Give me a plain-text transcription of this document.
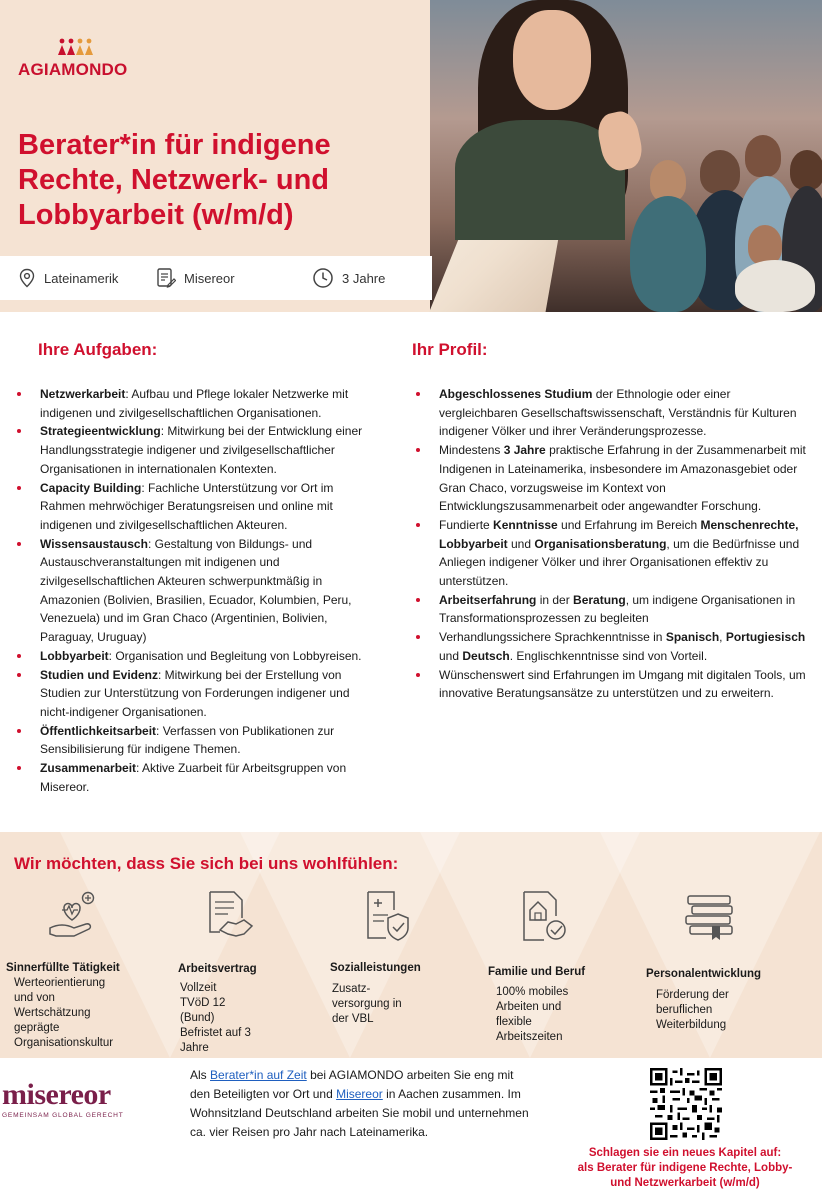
AGIAMONDO
Berater*in für indigene Rechte, Netzwerk- und Lobbyarbeit (w/m/d)
Lateinamerik	Misereor	3 Jahre
Ihre Aufgaben:	Ihr Profil:
Netzwerkarbeit: Aufbau und Pflege lokaler Netzwerke mit indigenen und zivilgesellschaftlichen Organisationen.
Strategieentwicklung: Mitwirkung bei der Entwicklung einer Handlungsstrategie indigener und zivilgesellschaftlicher Organisationen in internationalen Kontexten.
Capacity Building: Fachliche Unterstützung vor Ort im Rahmen mehrwöchiger Beratungsreisen und online mit indigenen und zivilgesellschaftlichen Akteuren.
Wissensaustausch: Gestaltung von Bildungs- und Austauschveranstaltungen mit indigenen und zivilgesellschaftlichen Akteuren schwerpunktmäßig in Amazonien (Bolivien, Brasilien, Ecuador, Kolumbien, Peru, Venezuela) und im Gran Chaco (Argentinien, Bolivien, Paraguay, Uruguay)
Lobbyarbeit: Organisation und Begleitung von Lobbyreisen.
Studien und Evidenz: Mitwirkung bei der Erstellung von Studien zur Unterstützung von Forderungen indigener und nicht-indigener Organisationen.
Öffentlichkeitsarbeit: Verfassen von Publikationen zur Sensibilisierung für indigene Themen.
Zusammenarbeit: Aktive Zuarbeit für Arbeitsgruppen von Misereor.
Abgeschlossenes Studium der Ethnologie oder einer vergleichbaren Gesellschaftswissenschaft, Verständnis für Kulturen indigener Völker und ihrer Veränderungsprozesse.
Mindestens 3 Jahre praktische Erfahrung in der Zusammenarbeit mit Indigenen in Lateinamerika, insbesondere im Amazonasgebiet oder Gran Chaco, vorzugsweise im Kontext von Entwicklungszusammenarbeit oder angewandter Forschung.
Fundierte Kenntnisse und Erfahrung im Bereich Menschenrechte, Lobbyarbeit und Organisationsberatung, um die Bedürfnisse und Anliegen indigener Völker und ihrer Organisationen effektiv zu unterstützen.
Arbeitserfahrung in der Beratung, um indigene Organisationen in Transformationsprozessen zu begleiten
Verhandlungssichere Sprachkenntnisse in Spanisch, Portugiesisch und Deutsch. Englischkenntnisse sind von Vorteil.
Wünschenswert sind Erfahrungen im Umgang mit digitalen Tools, um innovative Beratungsansätze zu unterstützen und zu erweitern.
Wir möchten, dass Sie sich bei uns wohlfühlen:
Sinnerfüllte Tätigkeit
Werteorientierung
und von
Wertschätzung
geprägte
Organisationskultur
Arbeitsvertrag
Vollzeit
TVöD 12
(Bund)
Befristet auf 3
Jahre
Sozialleistungen
Zusatz-
versorgung in
der VBL
Familie und Beruf
100% mobiles
Arbeiten und
flexible
Arbeitszeiten
Personalentwicklung
Förderung der
beruflichen
Weiterbildung
misereor
GEMEINSAM GLOBAL GERECHT

Als Berater*in auf Zeit bei AGIAMONDO arbeiten Sie eng mit den Beteiligten vor Ort und Misereor in Aachen zusammen. Im Wohnsitzland Deutschland arbeiten Sie mobil und unternehmen ca. vier Reisen pro Jahr nach Lateinamerika.

Schlagen sie ein neues Kapitel auf:
als Berater für indigene Rechte, Lobby-
und Netzwerkarbeit (w/m/d)
